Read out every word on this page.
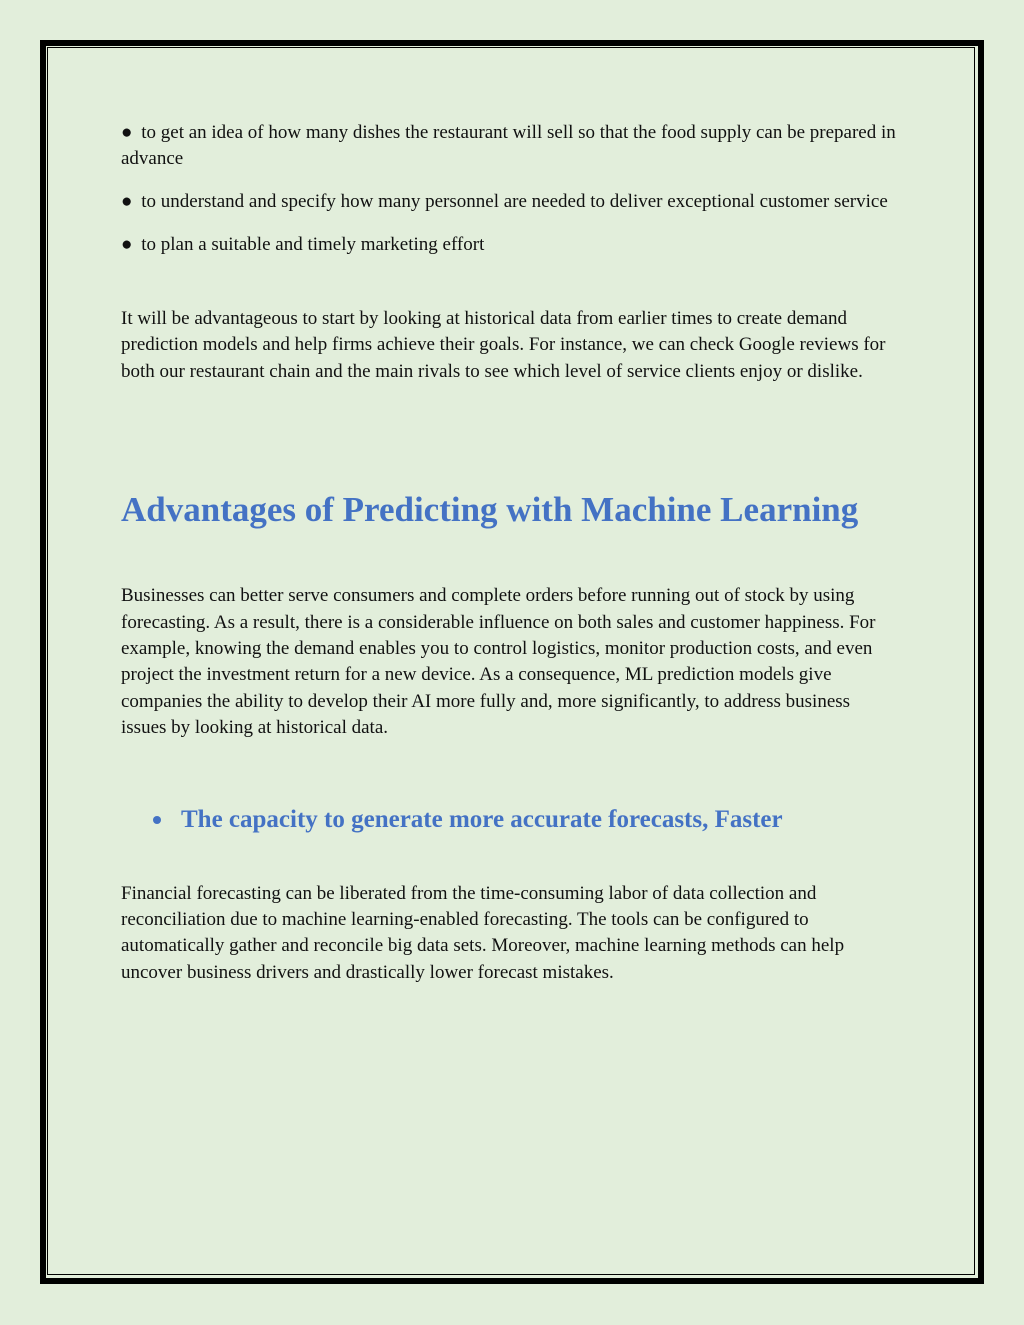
● to get an idea of how many dishes the restaurant will sell so that the food supply can be prepared in advance
● to understand and specify how many personnel are needed to deliver exceptional customer service
● to plan a suitable and timely marketing effort

It will be advantageous to start by looking at historical data from earlier times to create demand prediction models and help firms achieve their goals. For instance, we can check Google reviews for both our restaurant chain and the main rivals to see which level of service clients enjoy or dislike.

Advantages of Predicting with Machine Learning

Businesses can better serve consumers and complete orders before running out of stock by using forecasting. As a result, there is a considerable influence on both sales and customer happiness. For example, knowing the demand enables you to control logistics, monitor production costs, and even project the investment return for a new device. As a consequence, ML prediction models give companies the ability to develop their AI more fully and, more significantly, to address business issues by looking at historical data.

The capacity to generate more accurate forecasts, Faster

Financial forecasting can be liberated from the time-consuming labor of data collection and reconciliation due to machine learning-enabled forecasting. The tools can be configured to automatically gather and reconcile big data sets. Moreover, machine learning methods can help uncover business drivers and drastically lower forecast mistakes.
